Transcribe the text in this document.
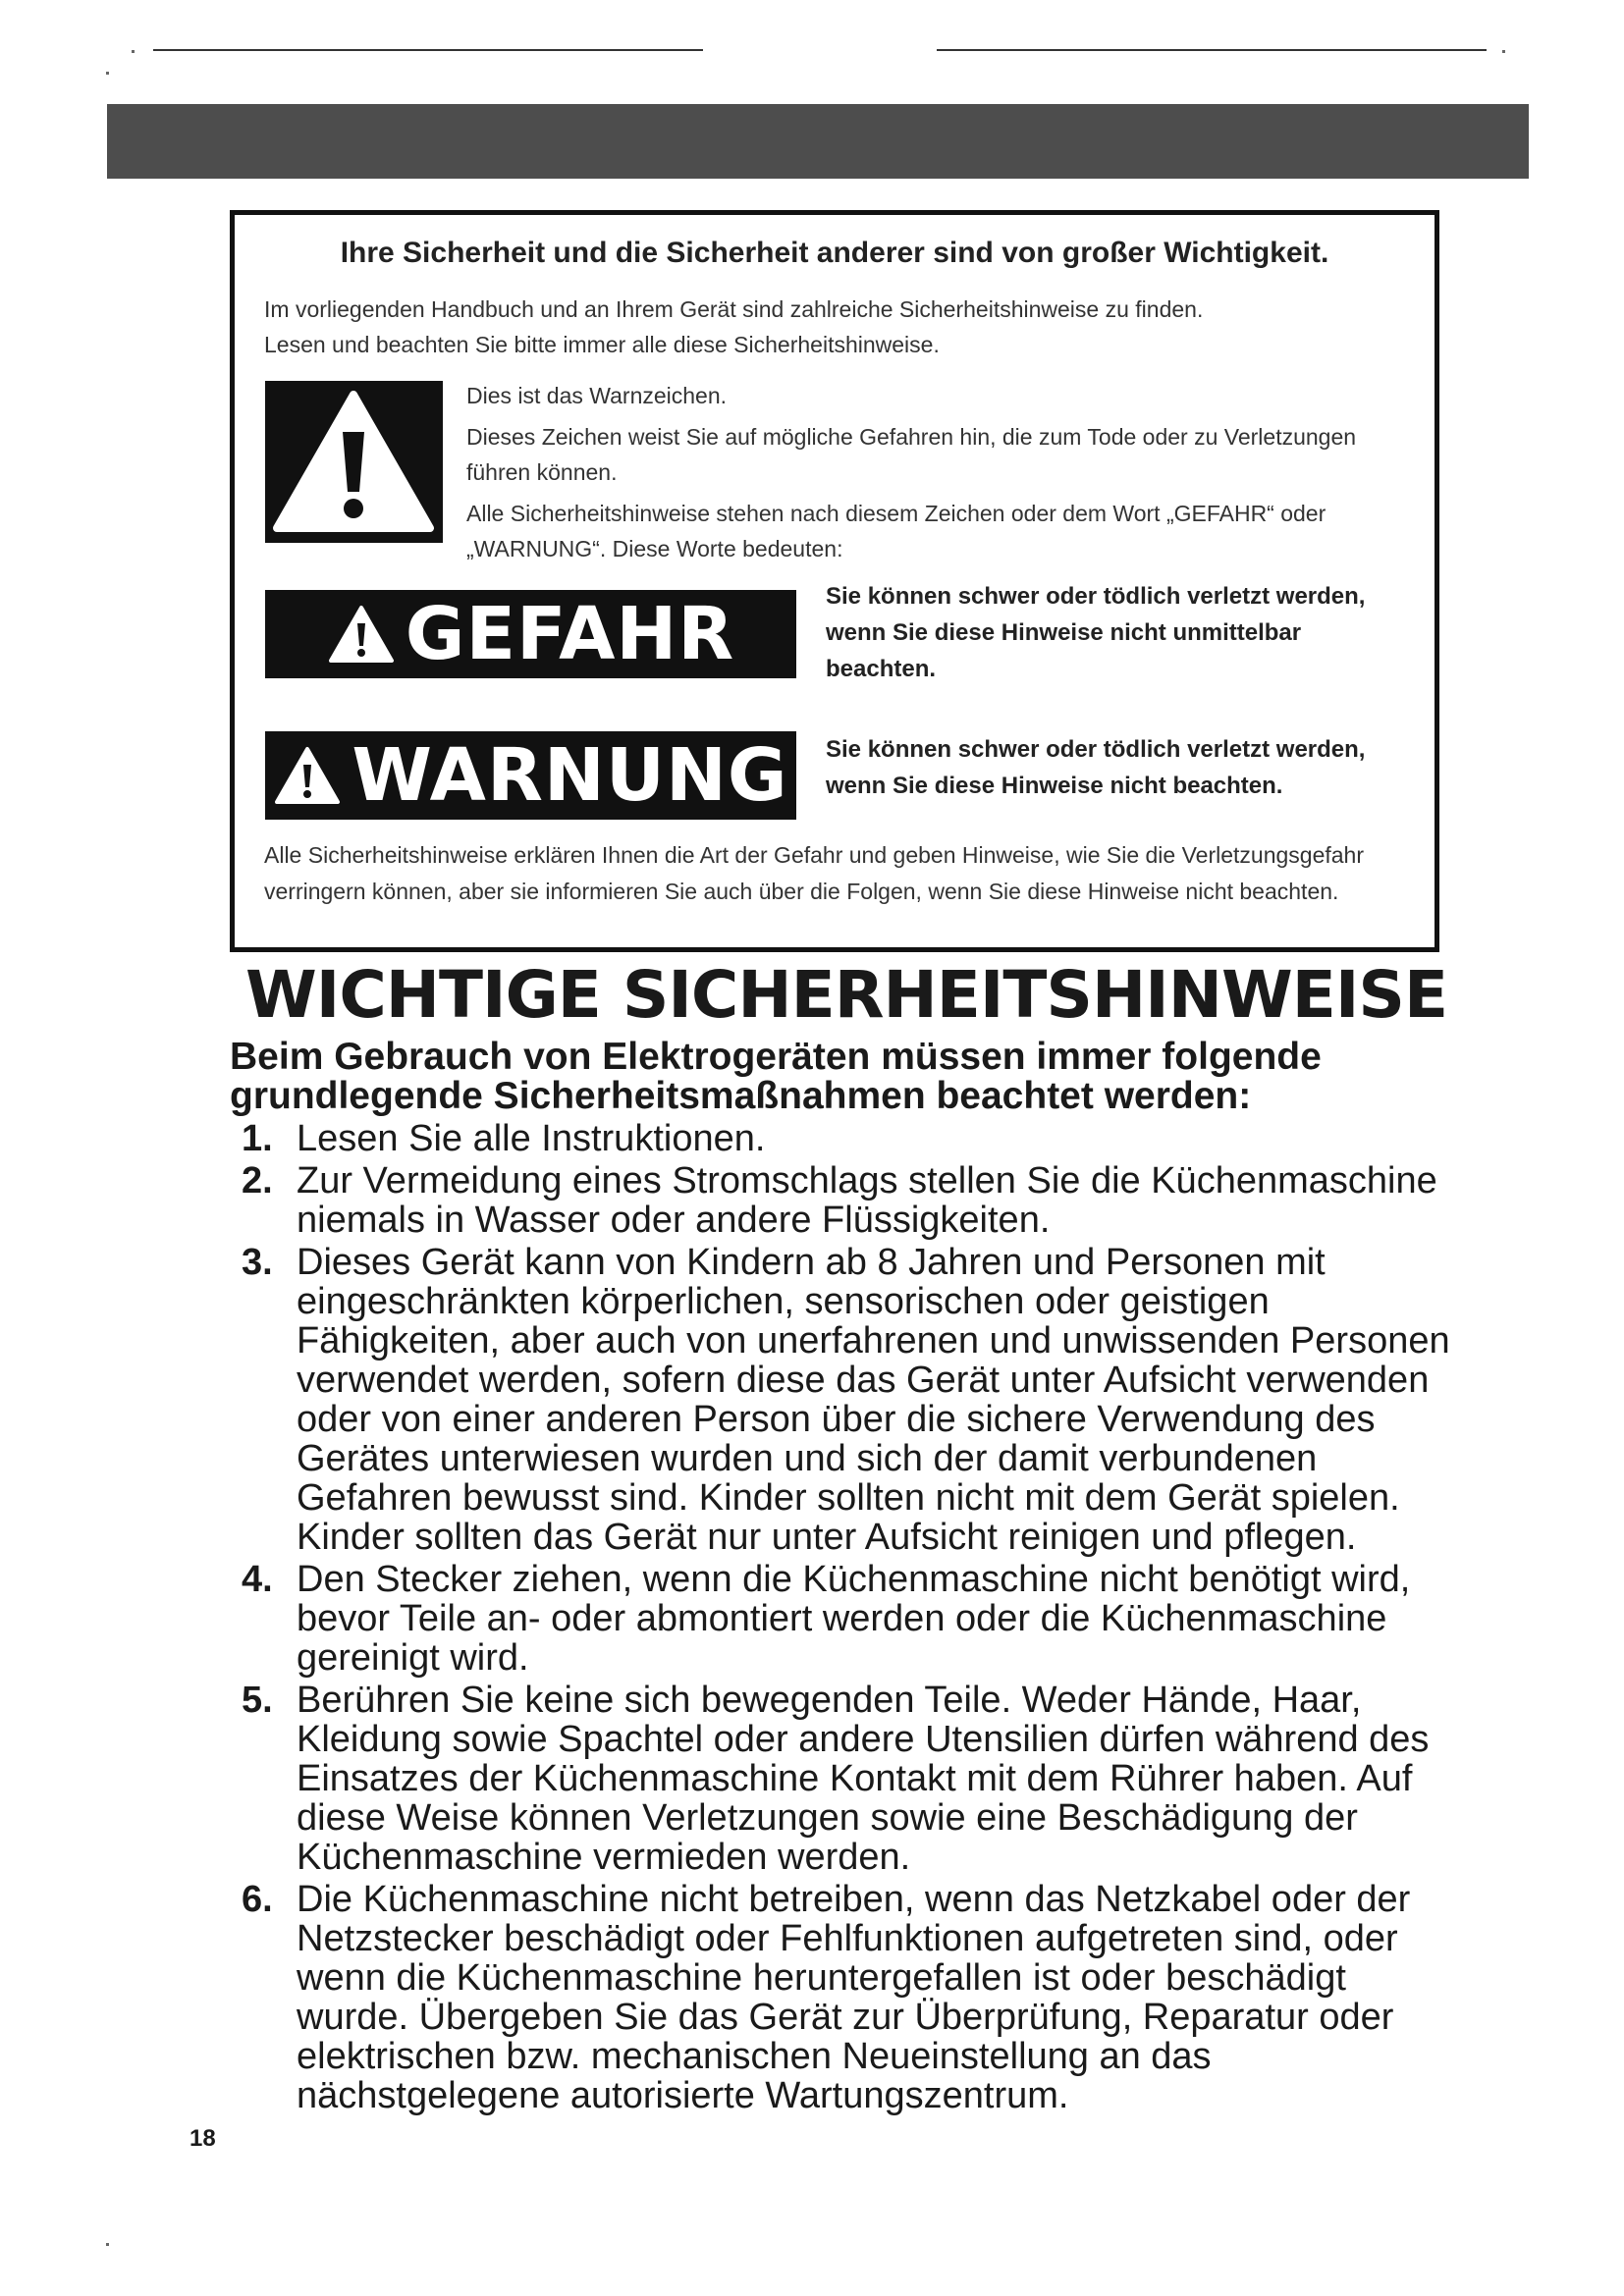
Ihre Sicherheit und die Sicherheit anderer sind von großer Wichtigkeit.
Im vorliegenden Handbuch und an Ihrem Gerät sind zahlreiche Sicherheitshinweise zu finden.
Lesen und beachten Sie bitte immer alle diese Sicherheitshinweise.

Dies ist das Warnzeichen.

Dieses Zeichen weist Sie auf mögliche Gefahren hin, die zum Tode oder zu Verletzungen führen können.

Alle Sicherheitshinweise stehen nach diesem Zeichen oder dem Wort „GEFAHR“ oder „WARNUNG“. Diese Worte bedeuten:

GEFAHR	Sie können schwer oder tödlich verletzt werden, wenn Sie diese Hinweise nicht unmittelbar beachten.
WARNUNG Sie können schwer oder tödlich verletzt werden, wenn Sie diese Hinweise nicht beachten.
Alle Sicherheitshinweise erklären Ihnen die Art der Gefahr und geben Hinweise, wie Sie die Verletzungsgefahr verringern können, aber sie informieren Sie auch über die Folgen, wenn Sie diese Hinweise nicht beachten.
WICHTIGE SICHERHEITSHINWEISE
Beim Gebrauch von Elektrogeräten müssen immer folgende grundlegende Sicherheitsmaßnahmen beachtet werden:
1. Lesen Sie alle Instruktionen.
2. Zur Vermeidung eines Stromschlags stellen Sie die Küchenmaschine niemals in Wasser oder andere Flüssigkeiten.
3. Dieses Gerät kann von Kindern ab 8 Jahren und Personen mit eingeschränkten körperlichen, sensorischen oder geistigen Fähigkeiten, aber auch von unerfahrenen und unwissenden Personen verwendet werden, sofern diese das Gerät unter Aufsicht verwenden oder von einer anderen Person über die sichere Verwendung des Gerätes unterwiesen wurden und sich der damit verbundenen Gefahren bewusst sind. Kinder sollten nicht mit dem Gerät spielen. Kinder sollten das Gerät nur unter Aufsicht reinigen und pflegen.
4. Den Stecker ziehen, wenn die Küchenmaschine nicht benötigt wird, bevor Teile an- oder abmontiert werden oder die Küchenmaschine gereinigt wird.
5. Berühren Sie keine sich bewegenden Teile. Weder Hände, Haar, Kleidung sowie Spachtel oder andere Utensilien dürfen während des Einsatzes der Küchenmaschine Kontakt mit dem Rührer haben. Auf diese Weise können Verletzungen sowie eine Beschädigung der Küchenmaschine vermieden werden.
6. Die Küchenmaschine nicht betreiben, wenn das Netzkabel oder der Netzstecker beschädigt oder Fehlfunktionen aufgetreten sind, oder wenn die Küchenmaschine heruntergefallen ist oder beschädigt wurde. Übergeben Sie das Gerät zur Überprüfung, Reparatur oder elektrischen bzw. mechanischen Neueinstellung an das nächstgelegene autorisierte Wartungszentrum.
18
